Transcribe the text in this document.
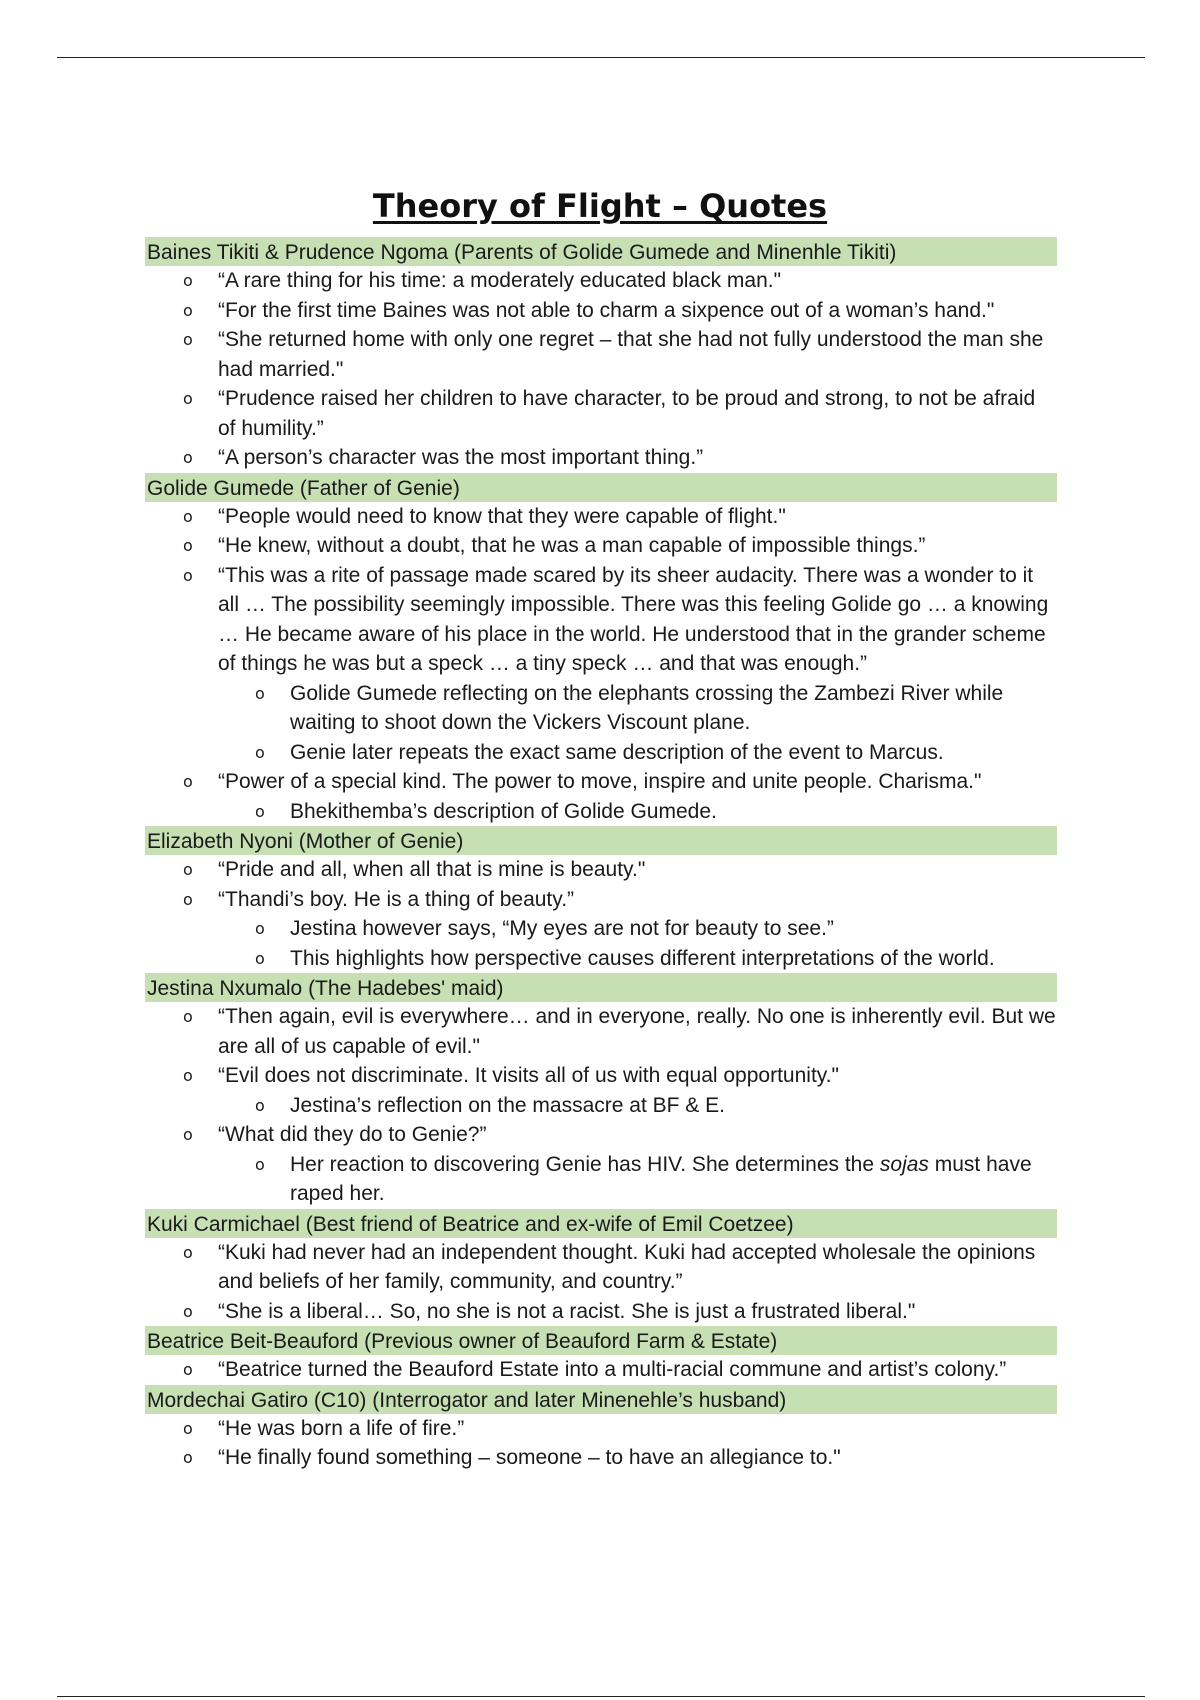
Theory of Flight – Quotes
Baines Tikiti & Prudence Ngoma (Parents of Golide Gumede and Minenhle Tikiti)
o “A rare thing for his time: a moderately educated black man."
o “For the first time Baines was not able to charm a sixpence out of a woman’s hand."
o “She returned home with only one regret – that she had not fully understood the man she had married."
o “Prudence raised her children to have character, to be proud and strong, to not be afraid of humility.”
o “A person’s character was the most important thing.”
Golide Gumede (Father of Genie)
o “People would need to know that they were capable of flight."
o “He knew, without a doubt, that he was a man capable of impossible things.”
o “This was a rite of passage made scared by its sheer audacity. There was a wonder to it all … The possibility seemingly impossible. There was this feeling Golide go … a knowing … He became aware of his place in the world. He understood that in the grander scheme of things he was but a speck … a tiny speck … and that was enough.”
o Golide Gumede reflecting on the elephants crossing the Zambezi River while waiting to shoot down the Vickers Viscount plane.
o Genie later repeats the exact same description of the event to Marcus.
o “Power of a special kind. The power to move, inspire and unite people. Charisma."
o Bhekithemba’s description of Golide Gumede.
Elizabeth Nyoni (Mother of Genie)
o “Pride and all, when all that is mine is beauty."
o “Thandi’s boy. He is a thing of beauty.”
o Jestina however says, “My eyes are not for beauty to see.”
o This highlights how perspective causes different interpretations of the world.
Jestina Nxumalo (The Hadebes' maid)
o “Then again, evil is everywhere… and in everyone, really. No one is inherently evil. But we are all of us capable of evil."
o “Evil does not discriminate. It visits all of us with equal opportunity."
o Jestina’s reflection on the massacre at BF & E.
o “What did they do to Genie?”
o Her reaction to discovering Genie has HIV. She determines the sojas must have raped her.
Kuki Carmichael (Best friend of Beatrice and ex-wife of Emil Coetzee)
o “Kuki had never had an independent thought. Kuki had accepted wholesale the opinions and beliefs of her family, community, and country.”
o “She is a liberal… So, no she is not a racist. She is just a frustrated liberal."
Beatrice Beit-Beauford (Previous owner of Beauford Farm & Estate)
o “Beatrice turned the Beauford Estate into a multi-racial commune and artist’s colony.”
Mordechai Gatiro (C10) (Interrogator and later Minenehle’s husband)
o “He was born a life of fire.”
o “He finally found something – someone – to have an allegiance to."
